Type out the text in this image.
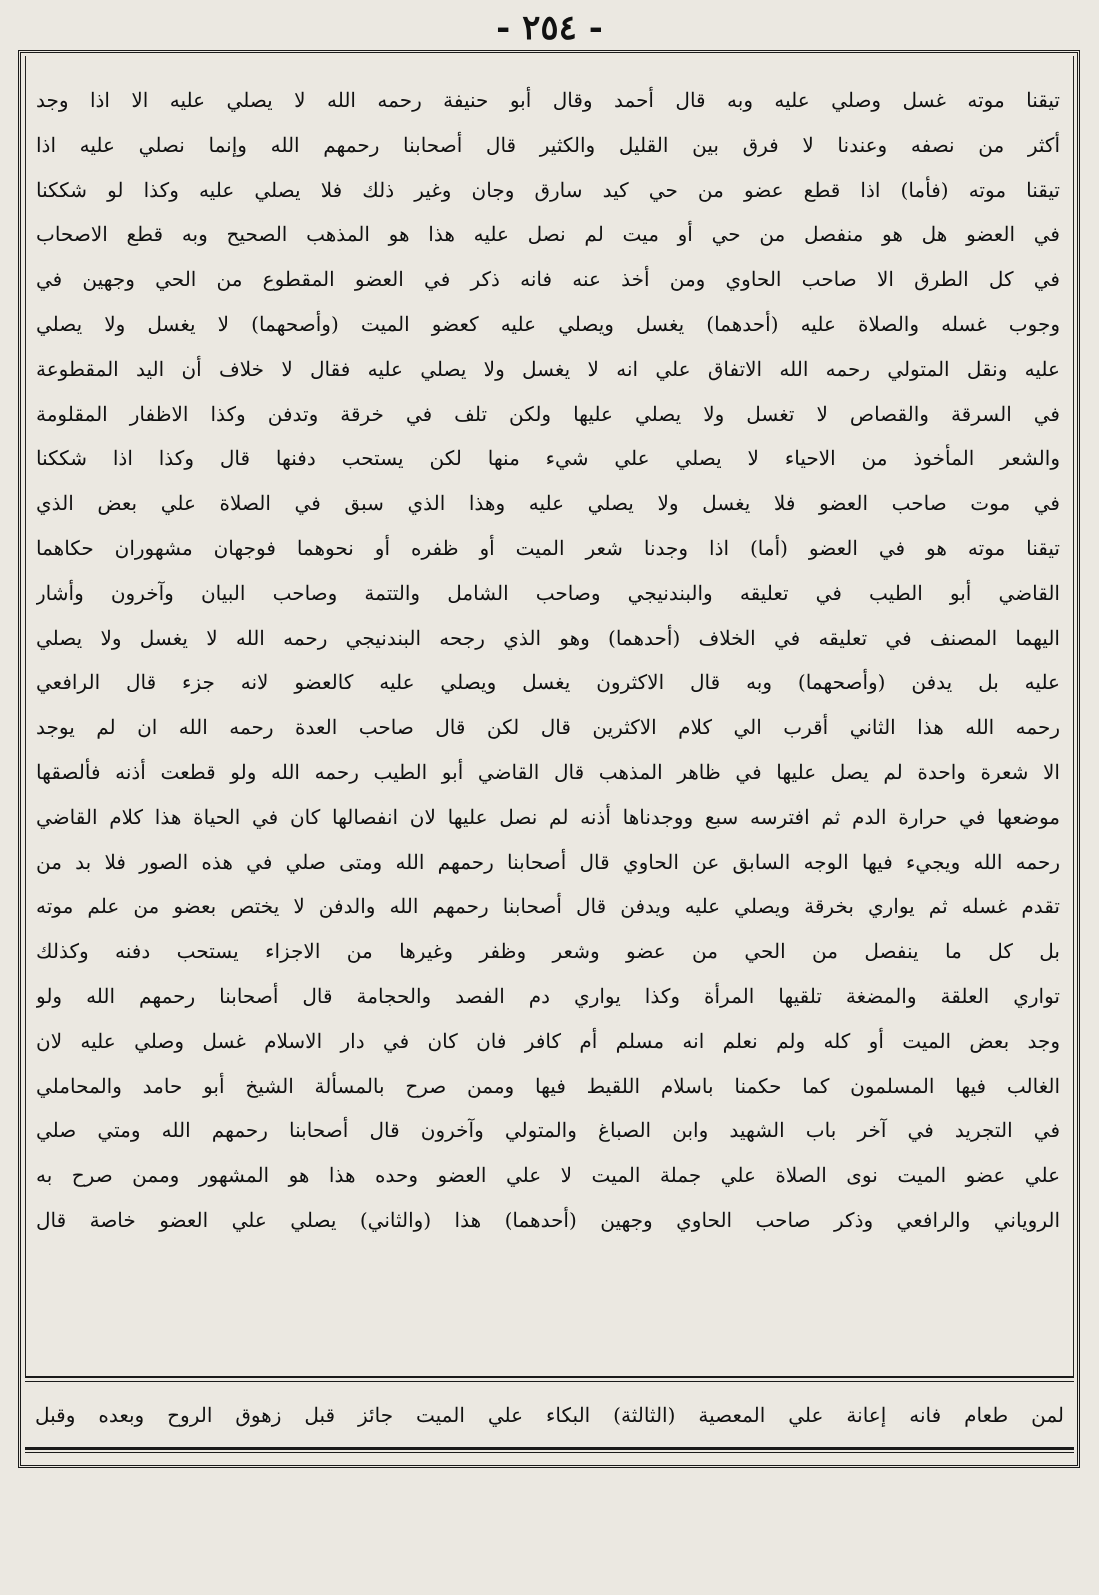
- ٢٥٤ -
تيقنا موته غسل وصلي عليه وبه قال أحمد وقال أبو حنيفة رحمه الله لا يصلي عليه الا اذا وجد
أكثر من نصفه وعندنا لا فرق بين القليل والكثير قال أصحابنا رحمهم الله وإنما نصلي عليه اذا
تيقنا موته (فأما) اذا قطع عضو من حي كيد سارق وجان وغير ذلك فلا يصلي عليه وكذا لو شككنا
في العضو هل هو منفصل من حي أو ميت لم نصل عليه هذا هو المذهب الصحيح وبه قطع الاصحاب
في كل الطرق الا صاحب الحاوي ومن أخذ عنه فانه ذكر في العضو المقطوع من الحي وجهين في
وجوب غسله والصلاة عليه (أحدهما) يغسل ويصلي عليه كعضو الميت (وأصحهما) لا يغسل ولا يصلي
عليه ونقل المتولي رحمه الله الاتفاق علي انه لا يغسل ولا يصلي عليه فقال لا خلاف أن اليد المقطوعة
في السرقة والقصاص لا تغسل ولا يصلي عليها ولكن تلف في خرقة وتدفن وكذا الاظفار المقلومة
والشعر المأخوذ من الاحياء لا يصلي علي شيء منها لكن يستحب دفنها قال وكذا اذا شككنا
في موت صاحب العضو فلا يغسل ولا يصلي عليه وهذا الذي سبق في الصلاة علي بعض الذي
تيقنا موته هو في العضو (أما) اذا وجدنا شعر الميت أو ظفره أو نحوهما فوجهان مشهوران حكاهما
القاضي أبو الطيب في تعليقه والبندنيجي وصاحب الشامل والتتمة وصاحب البيان وآخرون وأشار
اليهما المصنف في تعليقه في الخلاف (أحدهما) وهو الذي رجحه البندنيجي رحمه الله لا يغسل ولا يصلي
عليه بل يدفن (وأصحهما) وبه قال الاكثرون يغسل ويصلي عليه كالعضو لانه جزء قال الرافعي
رحمه الله هذا الثاني أقرب الي كلام الاكثرين قال لكن قال صاحب العدة رحمه الله ان لم يوجد
الا شعرة واحدة لم يصل عليها في ظاهر المذهب قال القاضي أبو الطيب رحمه الله ولو قطعت أذنه فألصقها
موضعها في حرارة الدم ثم افترسه سبع ووجدناها أذنه لم نصل عليها لان انفصالها كان في الحياة هذا كلام القاضي
رحمه الله ويجيء فيها الوجه السابق عن الحاوي قال أصحابنا رحمهم الله ومتى صلي في هذه الصور فلا بد من
تقدم غسله ثم يواري بخرقة ويصلي عليه ويدفن قال أصحابنا رحمهم الله والدفن لا يختص بعضو من علم موته
بل كل ما ينفصل من الحي من عضو وشعر وظفر وغيرها من الاجزاء يستحب دفنه وكذلك
تواري العلقة والمضغة تلقيها المرأة وكذا يواري دم الفصد والحجامة قال أصحابنا رحمهم الله ولو
وجد بعض الميت أو كله ولم نعلم انه مسلم أم كافر فان كان في دار الاسلام غسل وصلي عليه لان
الغالب فيها المسلمون كما حكمنا باسلام اللقيط فيها وممن صرح بالمسألة الشيخ أبو حامد والمحاملي
في التجريد في آخر باب الشهيد وابن الصباغ والمتولي وآخرون قال أصحابنا رحمهم الله ومتي صلي
علي عضو الميت نوى الصلاة علي جملة الميت لا علي العضو وحده هذا هو المشهور وممن صرح به
الروياني والرافعي وذكر صاحب الحاوي وجهين (أحدهما) هذا (والثاني) يصلي علي العضو خاصة قال
لمن طعام فانه إعانة علي المعصية (الثالثة) البكاء علي الميت جائز قبل زهوق الروح وبعده وقبل
